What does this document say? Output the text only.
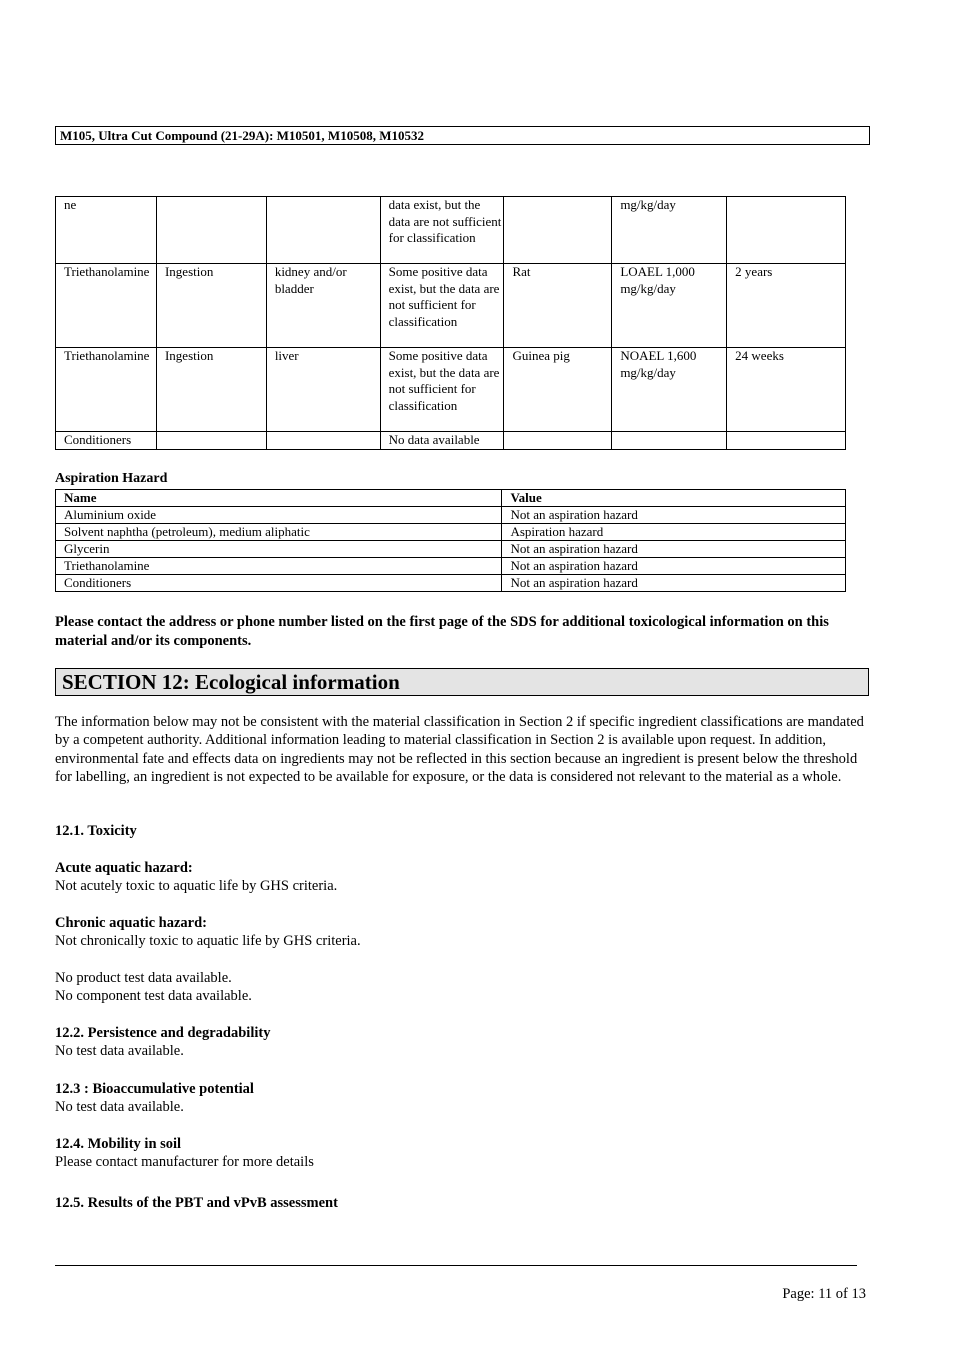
M105, Ultra Cut Compound (21-29A): M10501, M10508, M10532
ne			data exist, but the data are not sufficient for classification		mg/kg/day	
Triethanolamine	Ingestion	kidney and/or bladder	Some positive data exist, but the data are not sufficient for classification	Rat	LOAEL 1,000 mg/kg/day	2 years
Triethanolamine	Ingestion	liver	Some positive data exist, but the data are not sufficient for classification	Guinea pig	NOAEL 1,600 mg/kg/day	24 weeks
Conditioners			No data available			
Aspiration Hazard
Name	Value
Aluminium oxide	Not an aspiration hazard
Solvent naphtha (petroleum), medium aliphatic	Aspiration hazard
Glycerin	Not an aspiration hazard
Triethanolamine	Not an aspiration hazard
Conditioners	Not an aspiration hazard
Please contact the address or phone number listed on the first page of the SDS for additional toxicological information on this material and/or its components.
SECTION 12: Ecological information
The information below may not be consistent with the material classification in Section 2 if specific ingredient classifications are mandated by a competent authority. Additional information leading to material classification in Section 2 is available upon request. In addition, environmental fate and effects data on ingredients may not be reflected in this section because an ingredient is present below the threshold for labelling, an ingredient is not expected to be available for exposure, or the data is considered not relevant to the material as a whole.
12.1. Toxicity
Acute aquatic hazard:
Not acutely toxic to aquatic life by GHS criteria.
Chronic aquatic hazard:
Not chronically toxic to aquatic life by GHS criteria.
No product test data available.
No component test data available.
12.2. Persistence and degradability
No test data available.
12.3 : Bioaccumulative potential
No test data available.
12.4. Mobility in soil
Please contact manufacturer for more details
12.5. Results of the PBT and vPvB assessment
Page: 11 of 13
